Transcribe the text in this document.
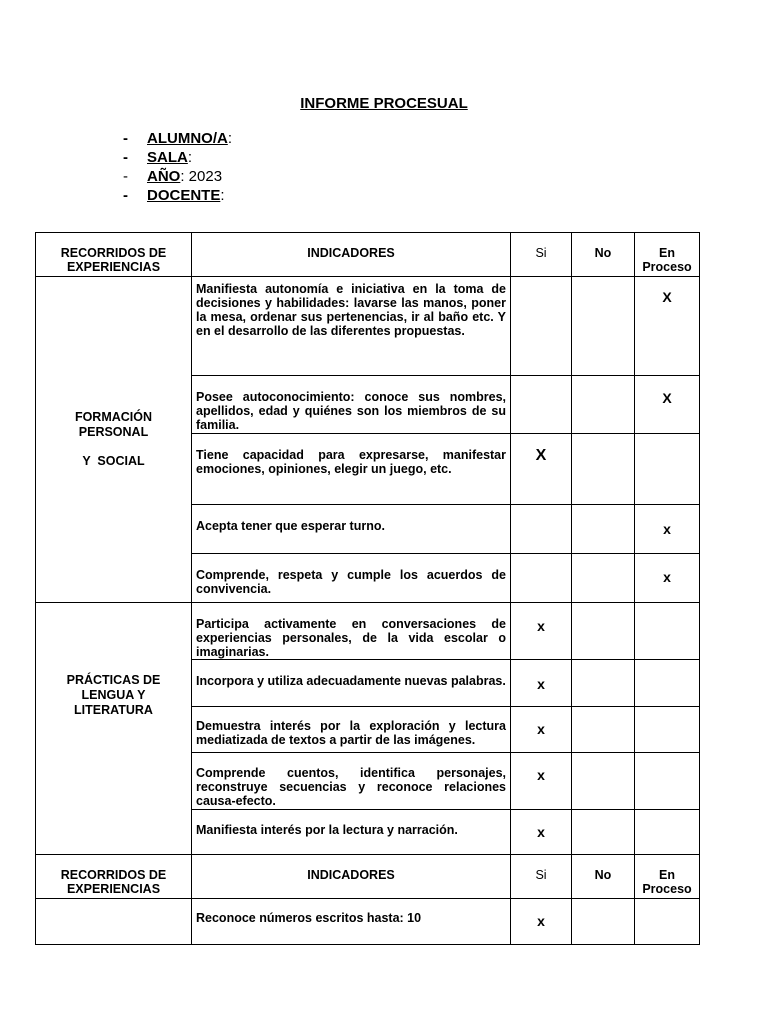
INFORME PROCESUAL
-	ALUMNO/A :
-	SALA :
-	AÑO : 2023
-	DOCENTE :
RECORRIDOS DE EXPERIENCIAS	INDICADORES	Si	No	En Proceso

FORMACIÓN PERSONAL
Y  SOCIAL	Manifiesta autonomía e iniciativa en la toma de decisiones y habilidades: lavarse las manos, poner la mesa, ordenar sus pertenencias, ir al baño etc. Y en el desarrollo de las diferentes propuestas.			X

	Posee autoconocimiento: conoce sus nombres, apellidos, edad y quiénes son los miembros de su familia.			X

	Tiene capacidad para expresarse, manifestar emociones, opiniones, elegir un juego, etc.	X		

	Acepta tener que esperar turno.			x

	Comprende, respeta y cumple los acuerdos de convivencia.			x

PRÁCTICAS DE LENGUA Y LITERATURA	Participa activamente en conversaciones de experiencias personales, de la vida escolar o imaginarias.	x		

	Incorpora y utiliza adecuadamente nuevas palabras.	x		

	Demuestra interés por la exploración y lectura mediatizada de textos a partir de las imágenes.	x		

	Comprende cuentos, identifica personajes, reconstruye secuencias y reconoce relaciones causa-efecto.	x		

	Manifiesta interés por la lectura y narración.	x		

RECORRIDOS DE EXPERIENCIAS	INDICADORES	Si	No	En Proceso
	Reconoce números escritos hasta: 10	x		
